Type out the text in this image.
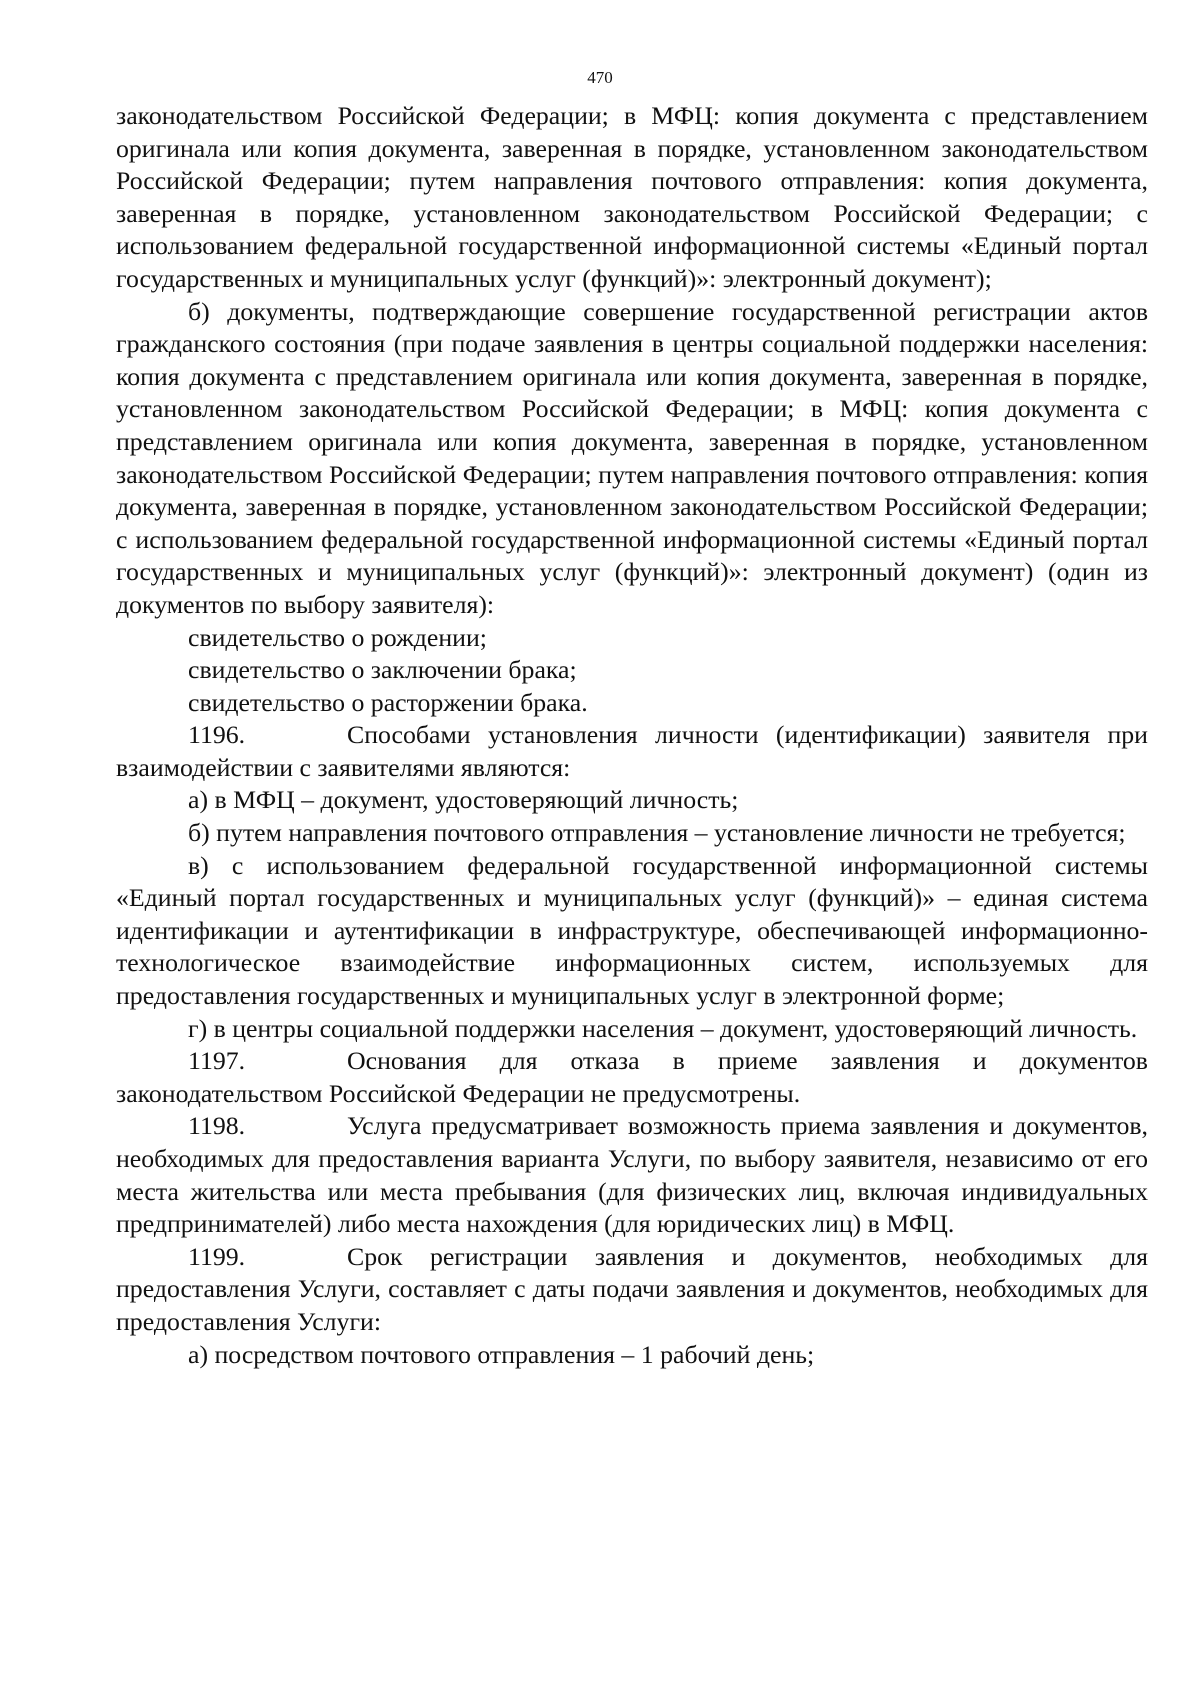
470

законодательством Российской Федерации; в МФЦ: копия документа с представлением оригинала или копия документа, заверенная в порядке, установленном законодательством Российской Федерации; путем направления почтового отправления: копия документа, заверенная в порядке, установленном законодательством Российской Федерации; с использованием федеральной государственной информационной системы «Единый портал государственных и муниципальных услуг (функций)»: электронный документ);

б) документы, подтверждающие совершение государственной регистрации актов гражданского состояния (при подаче заявления в центры социальной поддержки населения: копия документа с представлением оригинала или копия документа, заверенная в порядке, установленном законодательством Российской Федерации; в МФЦ: копия документа с представлением оригинала или копия документа, заверенная в порядке, установленном законодательством Российской Федерации; путем направления почтового отправления: копия документа, заверенная в порядке, установленном законодательством Российской Федерации; с использованием федеральной государственной информационной системы «Единый портал государственных и муниципальных услуг (функций)»: электронный документ) (один из документов по выбору заявителя):

свидетельство о рождении;

свидетельство о заключении брака;

свидетельство о расторжении брака.

1196.	Способами установления личности (идентификации) заявителя при взаимодействии с заявителями являются:

а) в МФЦ – документ, удостоверяющий личность;

б) путем направления почтового отправления – установление личности не требуется;

в) с использованием федеральной государственной информационной системы «Единый портал государственных и муниципальных услуг (функций)» – единая система идентификации и аутентификации в инфраструктуре, обеспечивающей информационно-технологическое взаимодействие информационных систем, используемых для предоставления государственных и муниципальных услуг в электронной форме;

г) в центры социальной поддержки населения – документ, удостоверяющий личность.

1197.	Основания для отказа в приеме заявления и документов законодательством Российской Федерации не предусмотрены.

1198.	Услуга предусматривает возможность приема заявления и документов, необходимых для предоставления варианта Услуги, по выбору заявителя, независимо от его места жительства или места пребывания (для физических лиц, включая индивидуальных предпринимателей) либо места нахождения (для юридических лиц) в МФЦ.

1199.	Срок регистрации заявления и документов, необходимых для предоставления Услуги, составляет с даты подачи заявления и документов, необходимых для предоставления Услуги:

а) посредством почтового отправления – 1 рабочий день;
